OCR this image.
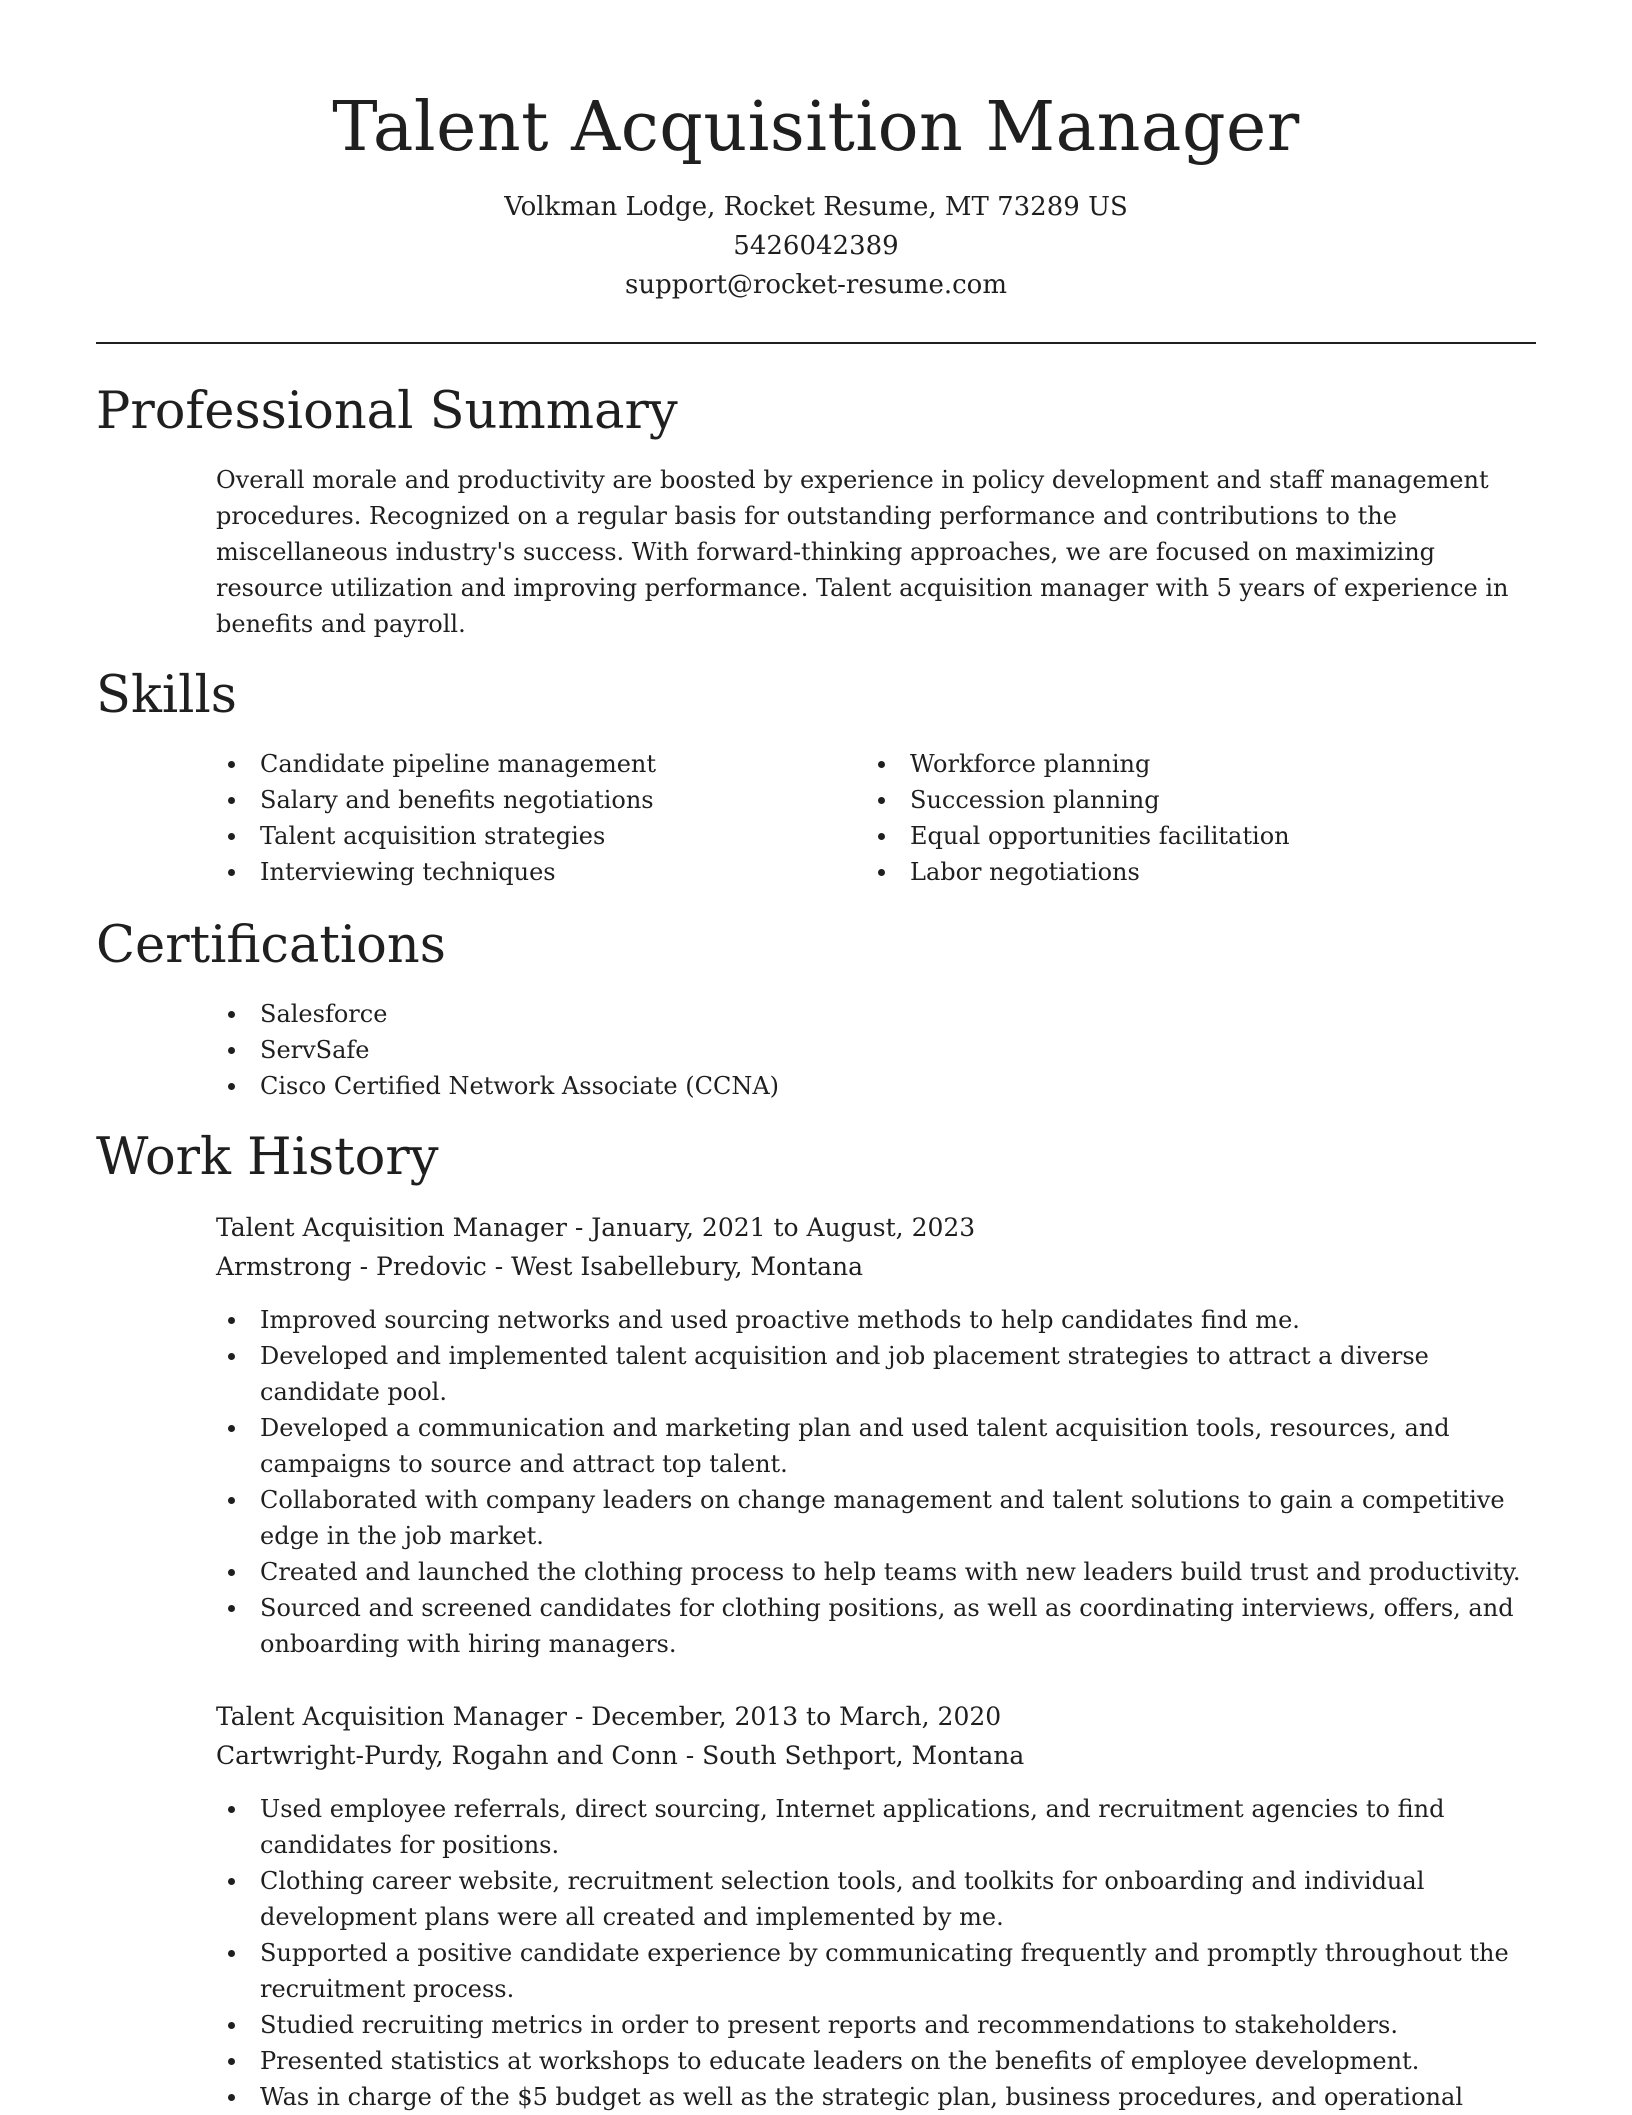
Talent Acquisition Manager
Volkman Lodge, Rocket Resume, MT 73289 US
5426042389
support@rocket-resume.com
Professional Summary

Overall morale and productivity are boosted by experience in policy development and staff management procedures. Recognized on a regular basis for outstanding performance and contributions to the miscellaneous industry's success. With forward-thinking approaches, we are focused on maximizing resource utilization and improving performance. Talent acquisition manager with 5 years of experience in benefits and payroll.

Skills
Candidate pipeline management
Salary and benefits negotiations
Talent acquisition strategies
Interviewing techniques
Workforce planning
Succession planning
Equal opportunities facilitation
Labor negotiations
Certifications
Salesforce
ServSafe
Cisco Certified Network Associate (CCNA)
Work History
Talent Acquisition Manager - January, 2021 to August, 2023
Armstrong - Predovic - West Isabellebury, Montana
Improved sourcing networks and used proactive methods to help candidates find me.
Developed and implemented talent acquisition and job placement strategies to attract a diverse candidate pool.
Developed a communication and marketing plan and used talent acquisition tools, resources, and campaigns to source and attract top talent.
Collaborated with company leaders on change management and talent solutions to gain a competitive edge in the job market.
Created and launched the clothing process to help teams with new leaders build trust and productivity.
Sourced and screened candidates for clothing positions, as well as coordinating interviews, offers, and onboarding with hiring managers.
Talent Acquisition Manager - December, 2013 to March, 2020
Cartwright-Purdy, Rogahn and Conn - South Sethport, Montana
Used employee referrals, direct sourcing, Internet applications, and recruitment agencies to find candidates for positions.
Clothing career website, recruitment selection tools, and toolkits for onboarding and individual development plans were all created and implemented by me.
Supported a positive candidate experience by communicating frequently and promptly throughout the recruitment process.
Studied recruiting metrics in order to present reports and recommendations to stakeholders.
Presented statistics at workshops to educate leaders on the benefits of employee development.
Was in charge of the $5 budget as well as the strategic plan, business procedures, and operational
